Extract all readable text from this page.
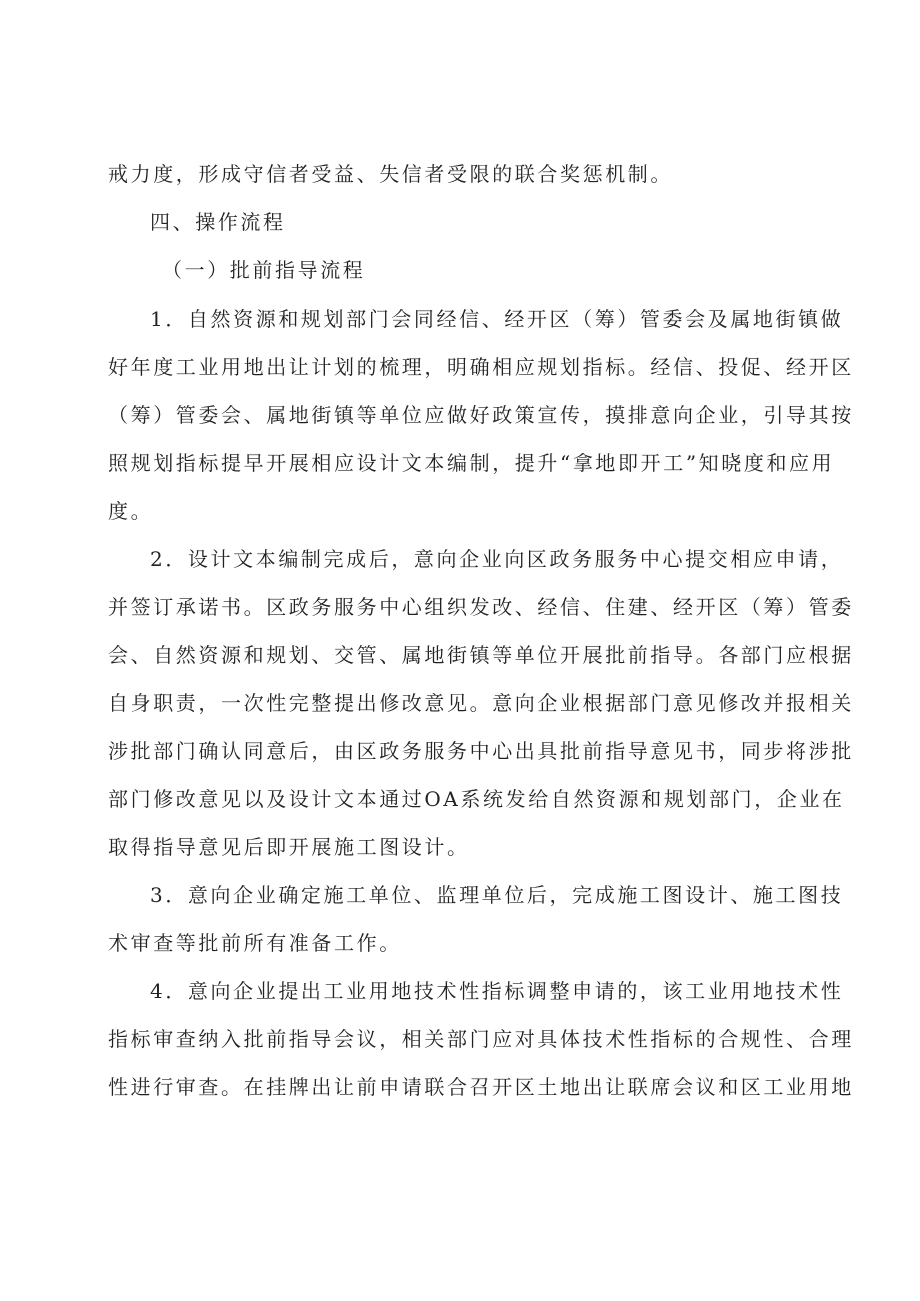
戒力度，形成守信者受益、失信者受限的联合奖惩机制。
四、操作流程
（一）批前指导流程
1．自然资源和规划部门会同经信、经开区（筹）管委会及属地街镇做
好年度工业用地出让计划的梳理，明确相应规划指标。经信、投促、经开区
（筹）管委会、属地街镇等单位应做好政策宣传，摸排意向企业，引导其按
照规划指标提早开展相应设计文本编制，提升“拿地即开工”知晓度和应用
度。
2．设计文本编制完成后，意向企业向区政务服务中心提交相应申请，
并签订承诺书。区政务服务中心组织发改、经信、住建、经开区（筹）管委
会、自然资源和规划、交管、属地街镇等单位开展批前指导。各部门应根据
自身职责，一次性完整提出修改意见。意向企业根据部门意见修改并报相关
涉批部门确认同意后，由区政务服务中心出具批前指导意见书，同步将涉批
部门修改意见以及设计文本通过OA系统发给自然资源和规划部门，企业在
取得指导意见后即开展施工图设计。
3．意向企业确定施工单位、监理单位后，完成施工图设计、施工图技
术审查等批前所有准备工作。
4．意向企业提出工业用地技术性指标调整申请的，该工业用地技术性
指标审查纳入批前指导会议，相关部门应对具体技术性指标的合规性、合理
性进行审查。在挂牌出让前申请联合召开区土地出让联席会议和区工业用地
